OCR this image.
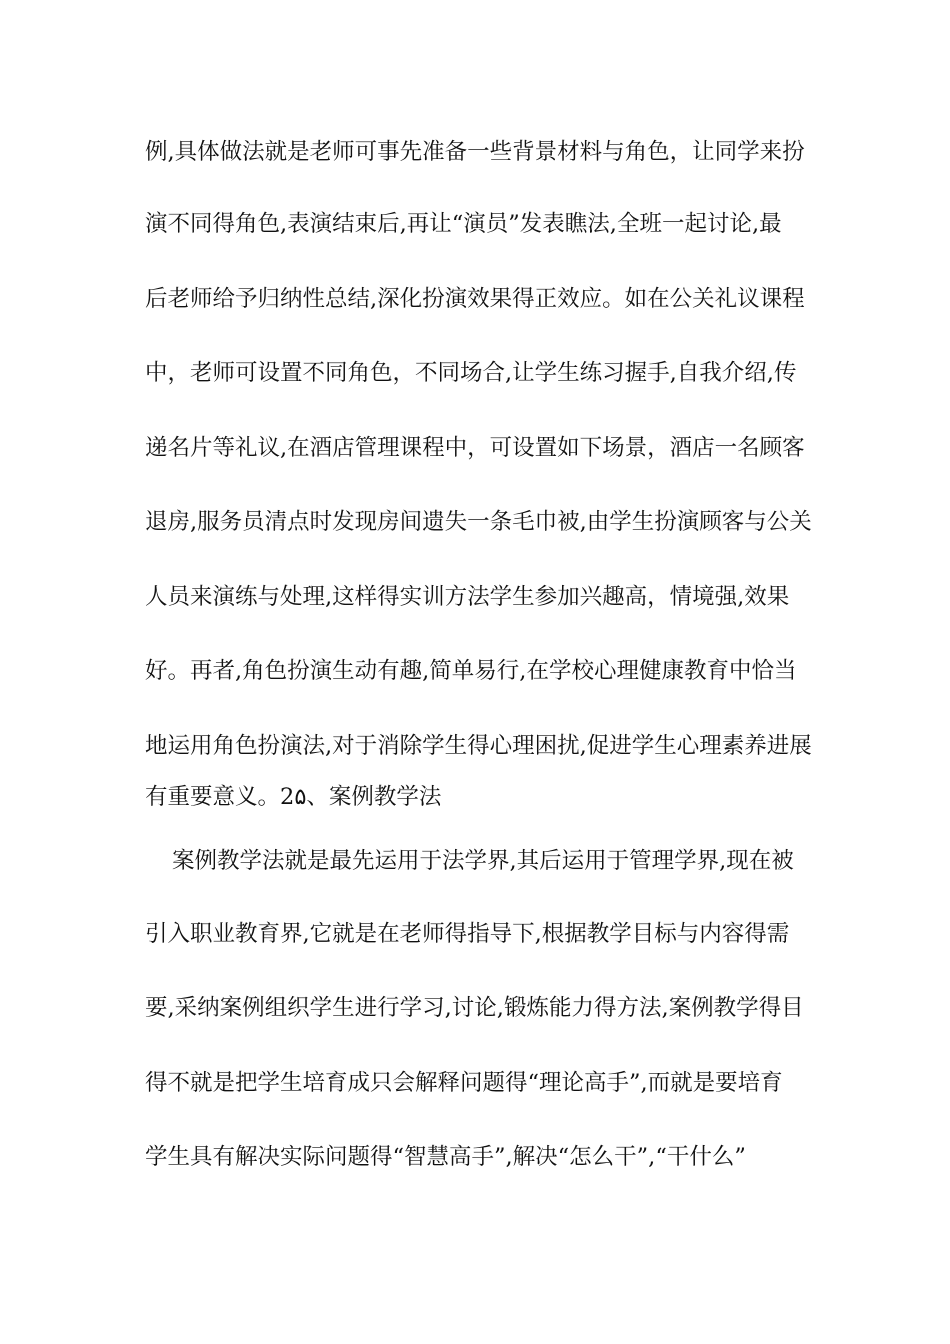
例,具体做法就是老师可事先准备一些背景材料与角色，让同学来扮
演不同得角色,表演结束后,再让“演员”发表瞧法,全班一起讨论,最
后老师给予归纳性总结,深化扮演效果得正效应。如在公关礼议课程
中，老师可设置不同角色，不同场合,让学生练习握手,自我介绍,传
递名片等礼议,在酒店管理课程中，可设置如下场景，酒店一名顾客
退房,服务员清点时发现房间遗失一条毛巾被,由学生扮演顾客与公关
人员来演练与处理,这样得实训方法学生参加兴趣高，情境强,效果
好。再者,角色扮演生动有趣,简单易行,在学校心理健康教育中恰当
地运用角色扮演法,对于消除学生得心理困扰,促进学生心理素养进展
有重要意义。2۵、案例教学法
案例教学法就是最先运用于法学界,其后运用于管理学界,现在被
引入职业教育界,它就是在老师得指导下,根据教学目标与内容得需
要,采纳案例组织学生进行学习,讨论,锻炼能力得方法,案例教学得目
得不就是把学生培育成只会解释问题得“理论高手”,而就是要培育
学生具有解决实际问题得“智慧高手”,解决“怎么干”,“干什么”
